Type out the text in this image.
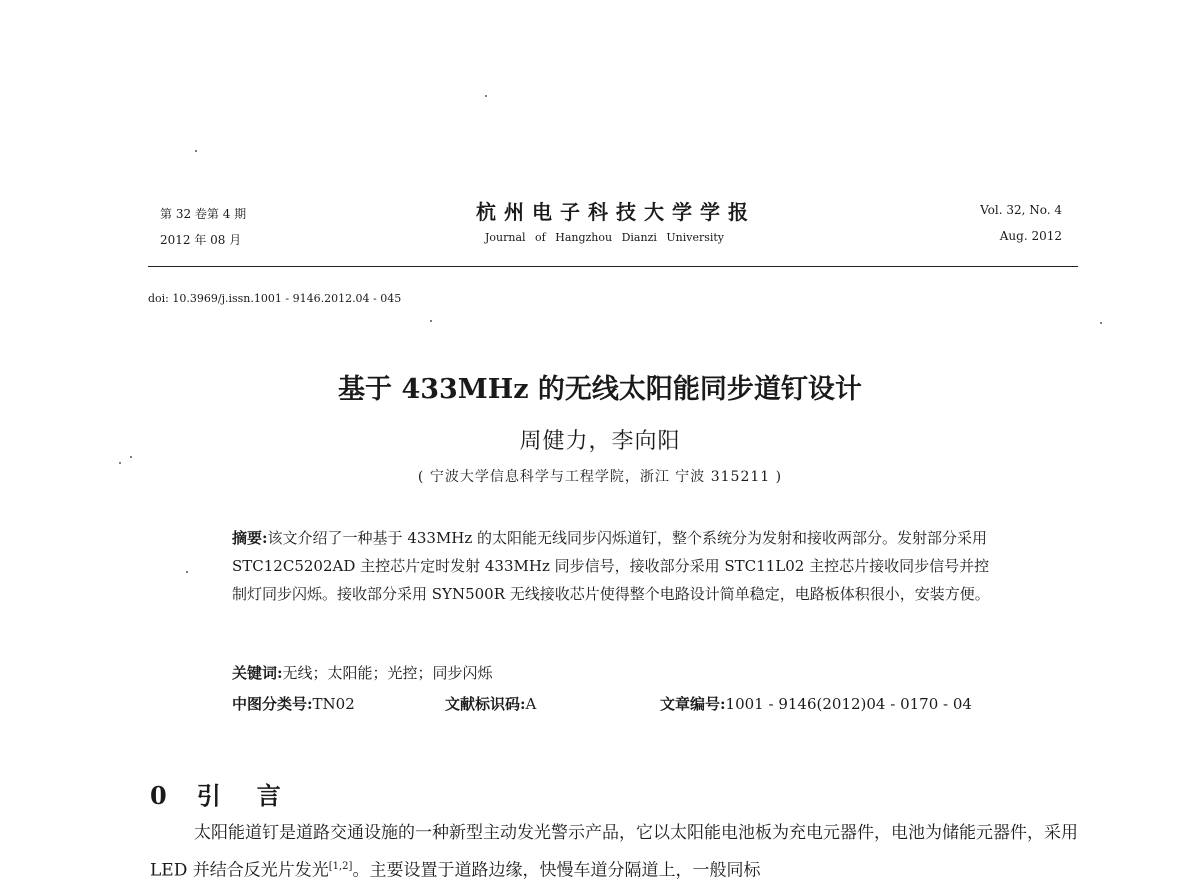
第 32 卷第 4 期
2012 年 08 月
杭州电子科技大学学报
Journal of Hangzhou Dianzi University
Vol. 32, No. 4
Aug. 2012
doi: 10.3969/j.issn.1001 - 9146.2012.04 - 045
基于 433MHz 的无线太阳能同步道钉设计
周健力，李向阳
( 宁波大学信息科学与工程学院，浙江 宁波 315211 )
摘要:该文介绍了一种基于 433MHz 的太阳能无线同步闪烁道钉，整个系统分为发射和接收两部分。发射部分采用 STC12C5202AD 主控芯片定时发射 433MHz 同步信号，接收部分采用 STC11L02 主控芯片接收同步信号并控制灯同步闪烁。接收部分采用 SYN500R 无线接收芯片使得整个电路设计简单稳定，电路板体积很小，安装方便。
关键词:无线；太阳能；光控；同步闪烁
中图分类号:TN02	文献标识码:A	文章编号:1001 - 9146(2012)04 - 0170 - 04
0 引 言
太阳能道钉是道路交通设施的一种新型主动发光警示产品，它以太阳能电池板为充电元器件，电池为储能元器件，采用 LED 并结合反光片发光[1,2]。主要设置于道路边缘，快慢车道分隔道上，一般同标
